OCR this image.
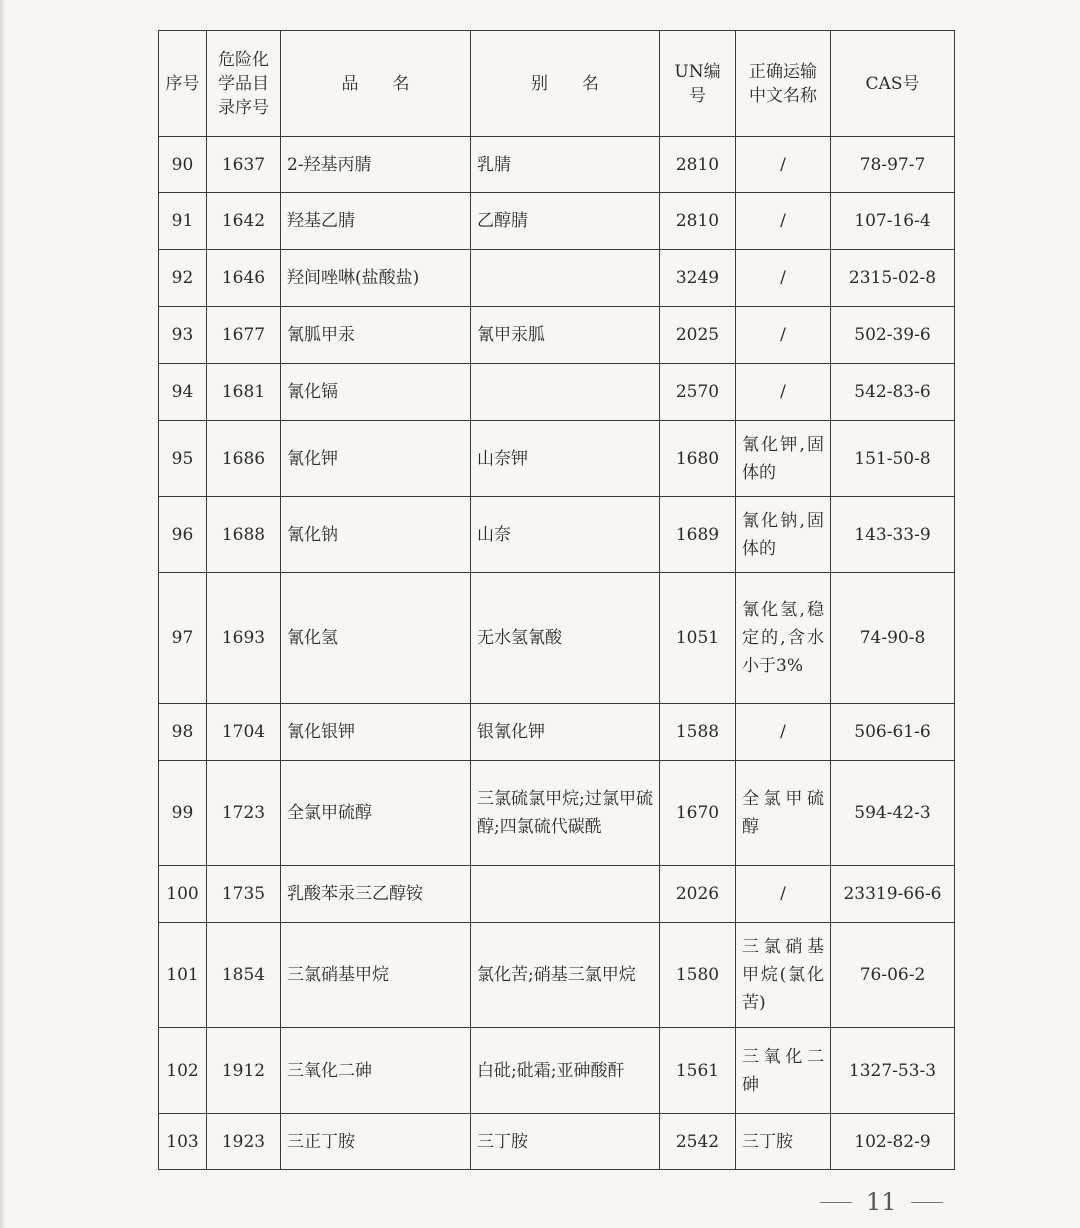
序号	危险化学品目录序号	品　　名	别　　名	UN编号	正确运输中文名称	CAS号
90	1637	2-羟基丙腈	乳腈	2810	/	78-97-7
91	1642	羟基乙腈	乙醇腈	2810	/	107-16-4
92	1646	羟间唑啉(盐酸盐)		3249	/	2315-02-8
93	1677	氰胍甲汞	氰甲汞胍	2025	/	502-39-6
94	1681	氰化镉		2570	/	542-83-6
95	1686	氰化钾	山奈钾	1680	氰化钾,固体的	151-50-8
96	1688	氰化钠	山奈	1689	氰化钠,固体的	143-33-9
97	1693	氰化氢	无水氢氰酸	1051	氰化氢,稳定的,含水小于3%	74-90-8
98	1704	氰化银钾	银氰化钾	1588	/	506-61-6
99	1723	全氯甲硫醇	三氯硫氯甲烷;过氯甲硫醇;四氯硫代碳酰	1670	全氯甲硫醇	594-42-3
100	1735	乳酸苯汞三乙醇铵		2026	/	23319-66-6
101	1854	三氯硝基甲烷	氯化苦;硝基三氯甲烷	1580	三氯硝基甲烷(氯化苦)	76-06-2
102	1912	三氧化二砷	白砒;砒霜;亚砷酸酐	1561	三氧化二砷	1327-53-3
103	1923	三正丁胺	三丁胺	2542	三丁胺	102-82-9
11
